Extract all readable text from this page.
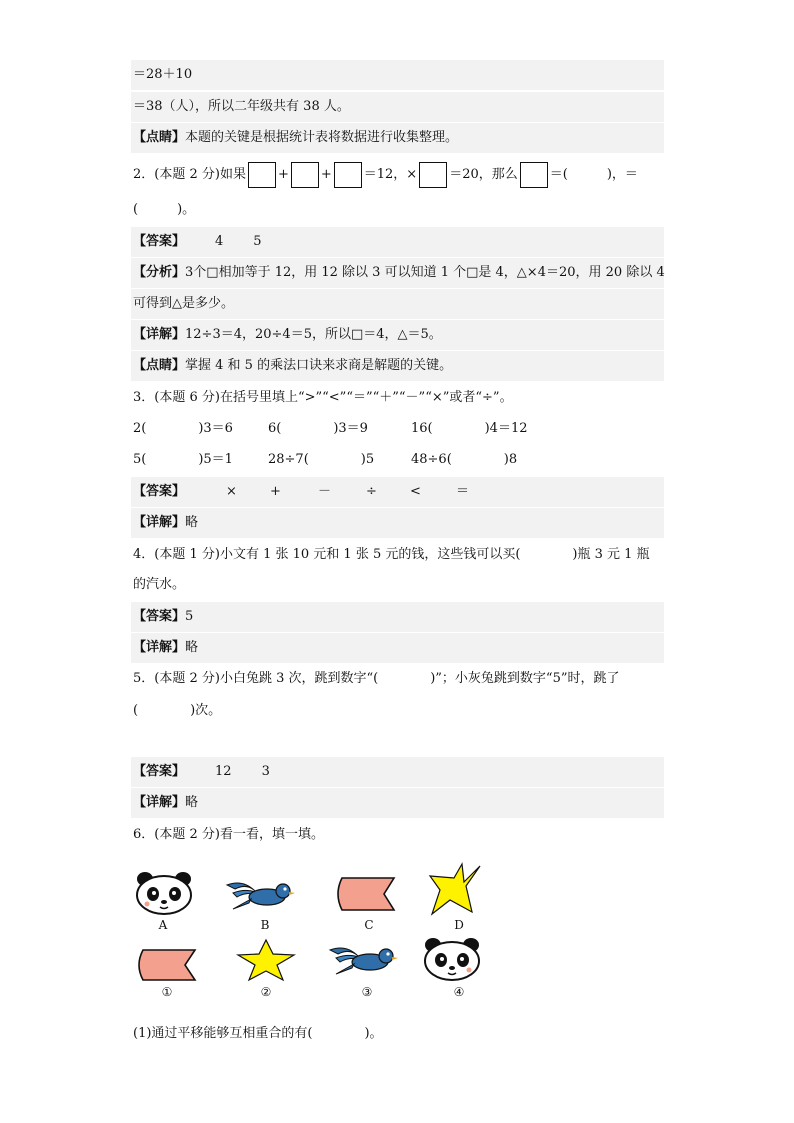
＝28＋10
＝38（人），所以二年级共有 38 人。
【点睛】本题的关键是根据统计表将数据进行收集整理。
2．(本题 2 分)如果 + + ＝12，× ＝20，那么 ＝(　　　)，＝
(　　　)。
【答案】 4 5
【分析】3个□相加等于 12，用 12 除以 3 可以知道 1 个□是 4，△×4＝20，用 20 除以 4
可得到△是多少。
【详解】12÷3＝4，20÷4＝5，所以□＝4，△＝5。
【点睛】掌握 4 和 5 的乘法口诀来求商是解题的关键。
3．(本题 6 分)在括号里填上“>”“<”“＝”“＋”“－”“×”或者“÷”。
2(　　　　)3＝6	6(　　　　)3＝9	16(　　　　)4＝12
5(　　　　)5＝1	28÷7(　　　　)5	48÷6(　　　　)8
【答案】	×	+	－	÷	<	＝
【详解】略
4．(本题 1 分)小文有 1 张 10 元和 1 张 5 元的钱，这些钱可以买(　　　　)瓶 3 元 1 瓶
的汽水。
【答案】5
【详解】略
5．(本题 2 分)小白兔跳 3 次，跳到数字“(　　　　)”；小灰兔跳到数字“5”时，跳了
(　　　　)次。
【答案】 12 3
【详解】略
6．(本题 2 分)看一看，填一填。
A	B	C	D
①	②	③	④
(1)通过平移能够互相重合的有(　　　　)。
